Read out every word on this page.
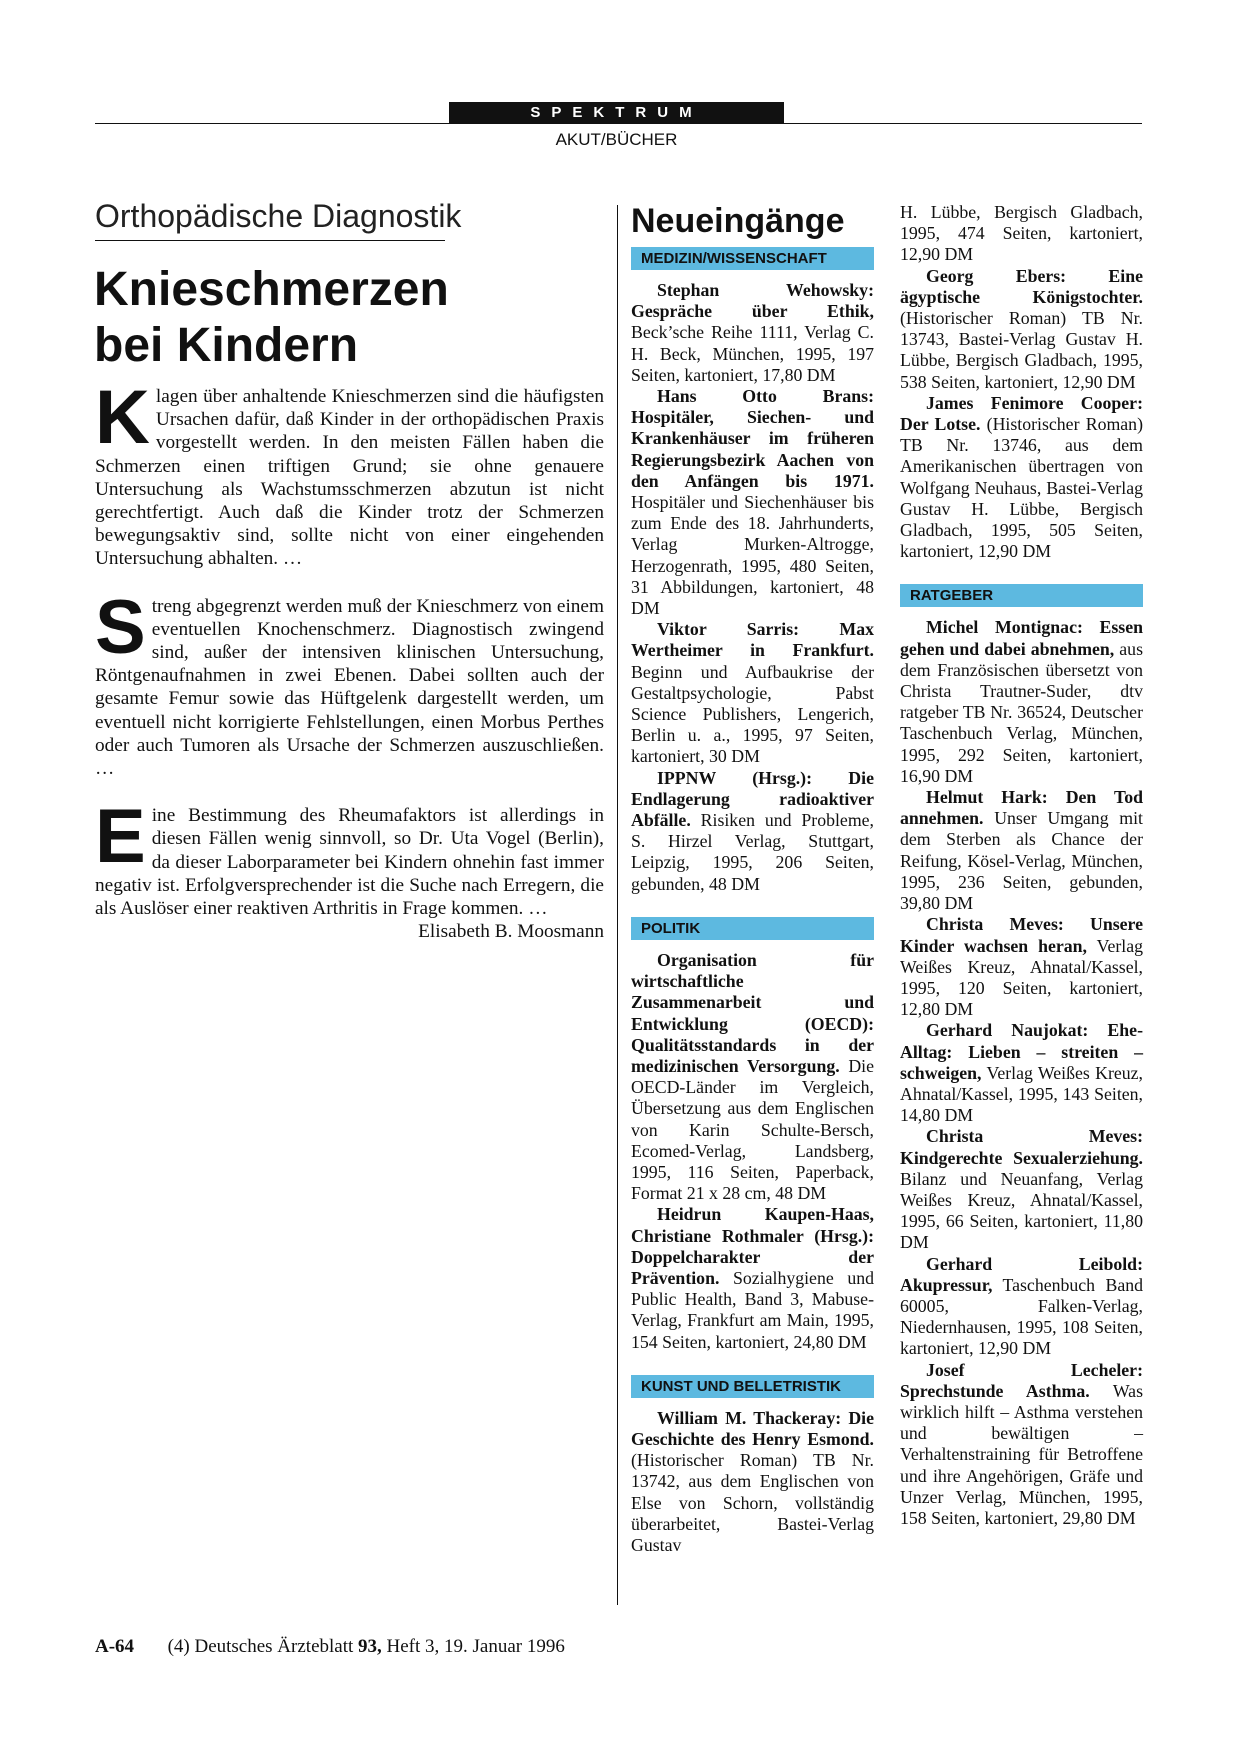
SPEKTRUM
AKUT/BÜCHER
Orthopädische Diagnostik
Knieschmerzen
bei Kindern

Klagen über anhaltende Knieschmerzen sind die häufigsten Ursachen dafür, daß Kinder in der orthopädischen Praxis vorgestellt werden. In den meisten Fällen haben die Schmerzen einen triftigen Grund; sie ohne genauere Untersuchung als Wachstumsschmerzen abzutun ist nicht gerechtfertigt. Auch daß die Kinder trotz der Schmerzen bewegungsaktiv sind, sollte nicht von einer eingehenden Untersuchung abhalten. …

Streng abgegrenzt werden muß der Knieschmerz von einem eventuellen Knochenschmerz. Diagnostisch zwingend sind, außer der intensiven klinischen Untersuchung, Röntgenaufnahmen in zwei Ebenen. Dabei sollten auch der gesamte Femur sowie das Hüftgelenk dargestellt werden, um eventuell nicht korrigierte Fehlstellungen, einen Morbus Perthes oder auch Tumoren als Ursache der Schmerzen auszuschließen. …

Eine Bestimmung des Rheumafaktors ist allerdings in diesen Fällen wenig sinnvoll, so Dr. Uta Vogel (Berlin), da dieser Laborparameter bei Kindern ohnehin fast immer negativ ist. Erfolgversprechender ist die Suche nach Erregern, die als Auslöser einer reaktiven Arthritis in Frage kommen. …
Elisabeth B. Moosmann

Neueingänge
MEDIZIN/WISSENSCHAFT

Stephan Wehowsky: Gespräche über Ethik, Beck’sche Reihe 1111, Verlag C. H. Beck, München, 1995, 197 Seiten, kartoniert, 17,80 DM

Hans Otto Brans: Hospitäler, Siechen- und Krankenhäuser im früheren Regierungsbezirk Aachen von den Anfängen bis 1971. Hospitäler und Siechenhäuser bis zum Ende des 18. Jahrhunderts, Verlag Murken-Altrogge, Herzogenrath, 1995, 480 Seiten, 31 Abbildungen, kartoniert, 48 DM

Viktor Sarris: Max Wertheimer in Frankfurt. Beginn und Aufbaukrise der Gestaltpsychologie, Pabst Science Publishers, Lengerich, Berlin u. a., 1995, 97 Seiten, kartoniert, 30 DM

IPPNW (Hrsg.): Die Endlagerung radioaktiver Abfälle. Risiken und Probleme, S. Hirzel Verlag, Stuttgart, Leipzig, 1995, 206 Seiten, gebunden, 48 DM

POLITIK

Organisation für wirtschaftliche Zusammenarbeit und Entwicklung (OECD): Qualitätsstandards in der medizinischen Versorgung. Die OECD-Länder im Vergleich, Übersetzung aus dem Englischen von Karin Schulte-Bersch, Ecomed-Verlag, Landsberg, 1995, 116 Seiten, Paperback, Format 21 x 28 cm, 48 DM

Heidrun Kaupen-Haas, Christiane Rothmaler (Hrsg.): Doppelcharakter der Prävention. Sozialhygiene und Public Health, Band 3, Mabuse-Verlag, Frankfurt am Main, 1995, 154 Seiten, kartoniert, 24,80 DM

KUNST UND BELLETRISTIK

William M. Thackeray: Die Geschichte des Henry Esmond. (Historischer Roman) TB Nr. 13742, aus dem Englischen von Else von Schorn, vollständig überarbeitet, Bastei-Verlag Gustav

H. Lübbe, Bergisch Gladbach, 1995, 474 Seiten, kartoniert, 12,90 DM

Georg Ebers: Eine ägyptische Königstochter. (Historischer Roman) TB Nr. 13743, Bastei-Verlag Gustav H. Lübbe, Bergisch Gladbach, 1995, 538 Seiten, kartoniert, 12,90 DM

James Fenimore Cooper: Der Lotse. (Historischer Roman) TB Nr. 13746, aus dem Amerikanischen übertragen von Wolfgang Neuhaus, Bastei-Verlag Gustav H. Lübbe, Bergisch Gladbach, 1995, 505 Seiten, kartoniert, 12,90 DM

RATGEBER

Michel Montignac: Essen gehen und dabei abnehmen, aus dem Französischen übersetzt von Christa Trautner-Suder, dtv ratgeber TB Nr. 36524, Deutscher Taschenbuch Verlag, München, 1995, 292 Seiten, kartoniert, 16,90 DM

Helmut Hark: Den Tod annehmen. Unser Umgang mit dem Sterben als Chance der Reifung, Kösel-Verlag, München, 1995, 236 Seiten, gebunden, 39,80 DM

Christa Meves: Unsere Kinder wachsen heran, Verlag Weißes Kreuz, Ahnatal/Kassel, 1995, 120 Seiten, kartoniert, 12,80 DM

Gerhard Naujokat: Ehe-Alltag: Lieben – streiten – schweigen, Verlag Weißes Kreuz, Ahnatal/Kassel, 1995, 143 Seiten, 14,80 DM

Christa Meves: Kindgerechte Sexualerziehung. Bilanz und Neuanfang, Verlag Weißes Kreuz, Ahnatal/Kassel, 1995, 66 Seiten, kartoniert, 11,80 DM

Gerhard Leibold: Akupressur, Taschenbuch Band 60005, Falken-Verlag, Niedernhausen, 1995, 108 Seiten, kartoniert, 12,90 DM

Josef Lecheler: Sprechstunde Asthma. Was wirklich hilft – Asthma verstehen und bewältigen – Verhaltenstraining für Betroffene und ihre Angehörigen, Gräfe und Unzer Verlag, München, 1995, 158 Seiten, kartoniert, 29,80 DM

A-64 (4) Deutsches Ärzteblatt 93, Heft 3, 19. Januar 1996
